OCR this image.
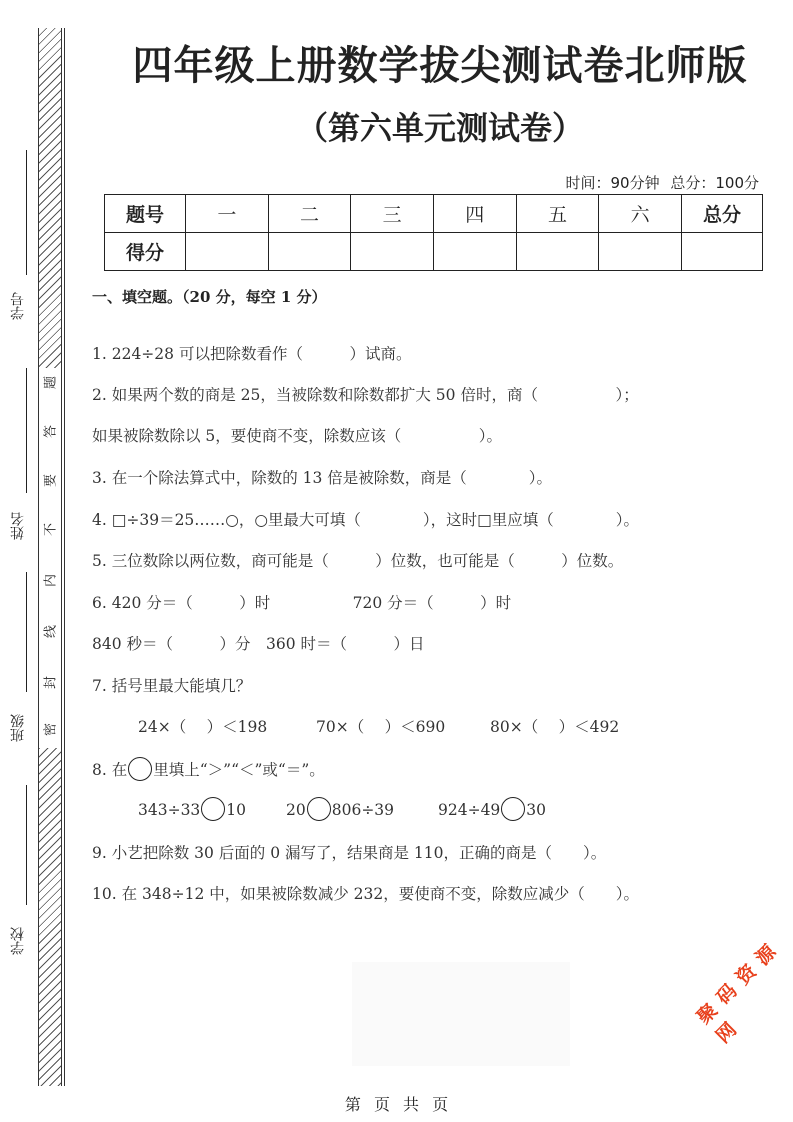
学号
姓名
班级
学校
密
封
线
内
不
要
答
题
四年级上册数学拔尖测试卷北师版
（第六单元测试卷）
时间：90分钟 总分：100分
题号	一	二	三	四	五	六	总分
得分							
一、填空题。（20 分，每空 1 分）
1. 224÷28 可以把除数看作（　　　）试商。
2. 如果两个数的商是 25，当被除数和除数都扩大 50 倍时，商（　　　　　）；
如果被除数除以 5，要使商不变，除数应该（　　　　　）。
3. 在一个除法算式中，除数的 13 倍是被除数，商是（　　　　）。
4. □÷39＝25……○，○里最大可填（　　　　），这时□里应填（　　　　）。
5. 三位数除以两位数，商可能是（　　　）位数，也可能是（　　　）位数。
6. 420 分＝（　　　）时　　　　　 720 分＝（　　　）时
840 秒＝（　　　）分　360 时＝（　　　）日
7. 括号里最大能填几？
24×（　 ）＜198	70×（　 ）＜690	80×（　 ）＜492
8. 在 里填上“＞”“＜”或“＝”。
343÷33 10	20 806÷39	924÷49 30
9. 小艺把除数 30 后面的 0 漏写了，结果商是 110，正确的商是（　　）。
10. 在 348÷12 中，如果被除数减少 232，要使商不变，除数应减少（　　）。
聚 码 资 源 网
第 页 共 页
